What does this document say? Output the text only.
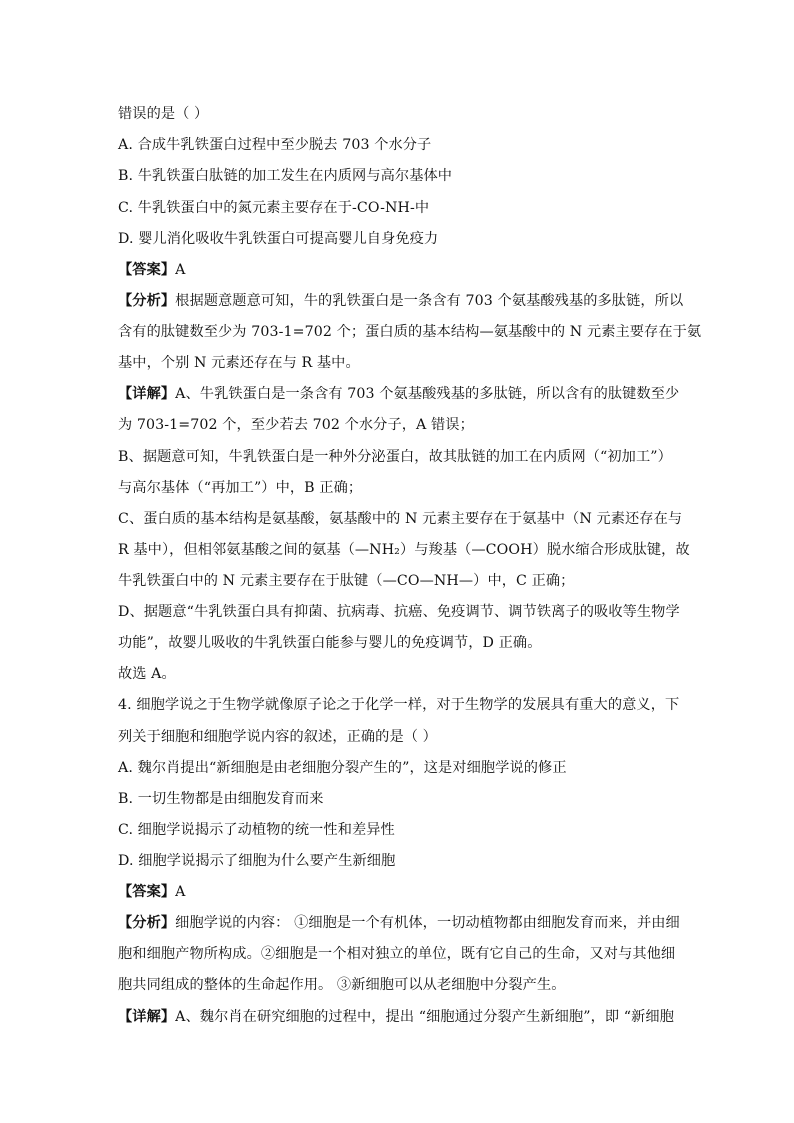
错误的是（ ）
A. 合成牛乳铁蛋白过程中至少脱去 703 个水分子
B. 牛乳铁蛋白肽链的加工发生在内质网与高尔基体中
C. 牛乳铁蛋白中的氮元素主要存在于-CO-NH-中
D. 婴儿消化吸收牛乳铁蛋白可提高婴儿自身免疫力
【答案】A
【分析】根据题意题意可知，牛的乳铁蛋白是一条含有 703 个氨基酸残基的多肽链，所以
含有的肽键数至少为 703-1=702 个；蛋白质的基本结构—氨基酸中的 N 元素主要存在于氨
基中，个别 N 元素还存在与 R 基中。
【详解】A、牛乳铁蛋白是一条含有 703 个氨基酸残基的多肽链，所以含有的肽键数至少
为 703-1=702 个，至少若去 702 个水分子，A 错误；
B、据题意可知，牛乳铁蛋白是一种外分泌蛋白，故其肽链的加工在内质网（“初加工”）
与高尔基体（“再加工”）中，B 正确；
C、蛋白质的基本结构是氨基酸，氨基酸中的 N 元素主要存在于氨基中（N 元素还存在与
R 基中），但相邻氨基酸之间的氨基（—NH₂）与羧基（—COOH）脱水缩合形成肽键，故
牛乳铁蛋白中的 N 元素主要存在于肽键（—CO—NH—）中，C 正确；
D、据题意“牛乳铁蛋白具有抑菌、抗病毒、抗癌、免疫调节、调节铁离子的吸收等生物学
功能”，故婴儿吸收的牛乳铁蛋白能参与婴儿的免疫调节，D 正确。
故选 A。
4. 细胞学说之于生物学就像原子论之于化学一样，对于生物学的发展具有重大的意义，下
列关于细胞和细胞学说内容的叙述，正确的是（ ）
A. 魏尔肖提出“新细胞是由老细胞分裂产生的”，这是对细胞学说的修正
B. 一切生物都是由细胞发育而来
C. 细胞学说揭示了动植物的统一性和差异性
D. 细胞学说揭示了细胞为什么要产生新细胞
【答案】A
【分析】细胞学说的内容： ①细胞是一个有机体，一切动植物都由细胞发育而来，并由细
胞和细胞产物所构成。②细胞是一个相对独立的单位，既有它自己的生命，又对与其他细
胞共同组成的整体的生命起作用。 ③新细胞可以从老细胞中分裂产生。
【详解】A、魏尔肖在研究细胞的过程中，提出 “细胞通过分裂产生新细胞”，即 “新细胞
